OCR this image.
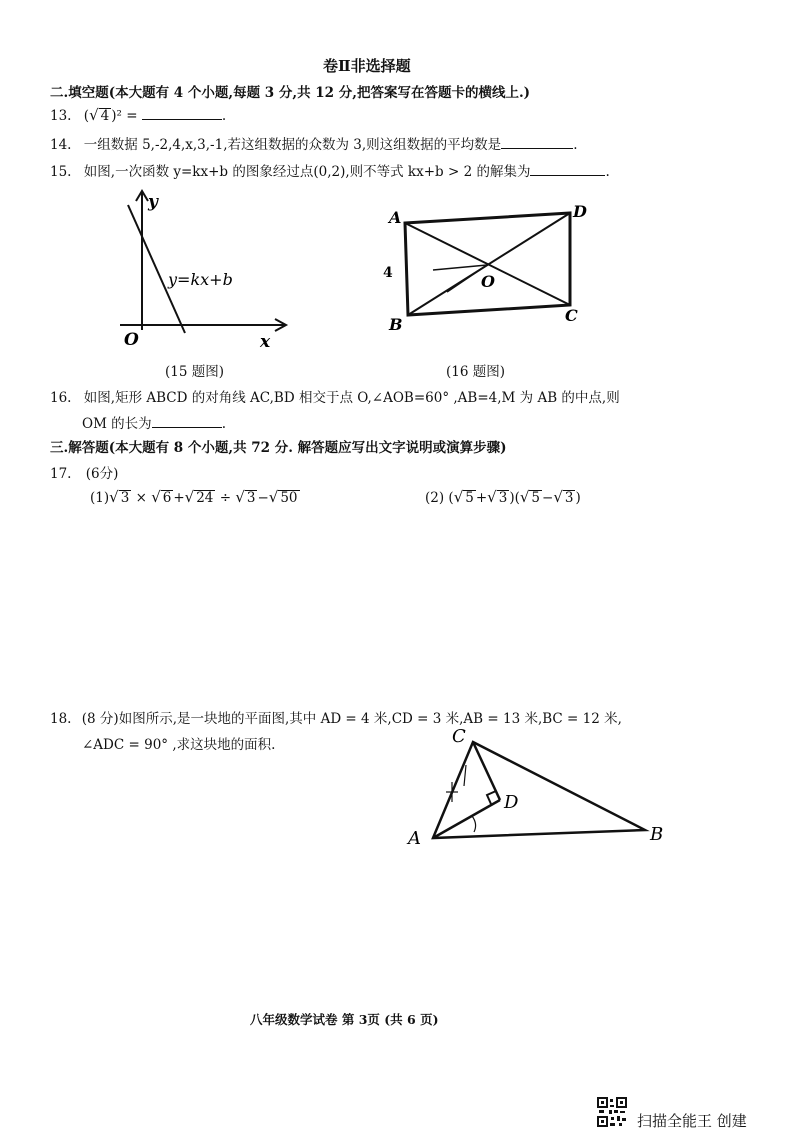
卷Ⅱ非选择题
二.填空题(本大题有 4 个小题,每题 3 分,共 12 分,把答案写在答题卡的横线上.)
13. (√ 4 )² =	.
14. 一组数据 5,-2,4,x,3,-1,若这组数据的众数为 3,则这组数据的平均数是	.
15. 如图,一次函数 y=kx+b 的图象经过点(0,2),则不等式 kx+b > 2 的解集为	.
y
x
O
y=kx+b
(15 题图)
A	D
B	C
O
4
(16 题图)
16. 如图,矩形 ABCD 的对角线 AC,BD 相交于点 O,∠AOB=60° ,AB=4,M 为 AB 的中点,则
OM 的长为	.
三.解答题(本大题有 8 个小题,共 72 分. 解答题应写出文字说明或演算步骤)
17. (6分)
(1)√ 3 × √ 6 +√ 24 ÷ √ 3 −√ 50	(2) (√ 5 +√ 3 )(√ 5 −√ 3 )
18. (8 分)如图所示,是一块地的平面图,其中 AD = 4 米,CD = 3 米,AB = 13 米,BC = 12 米,
∠ADC = 90° ,求这块地的面积.
A	B
C
D
八年级数学试卷 第 3页 (共 6 页)
扫描全能王 创建
